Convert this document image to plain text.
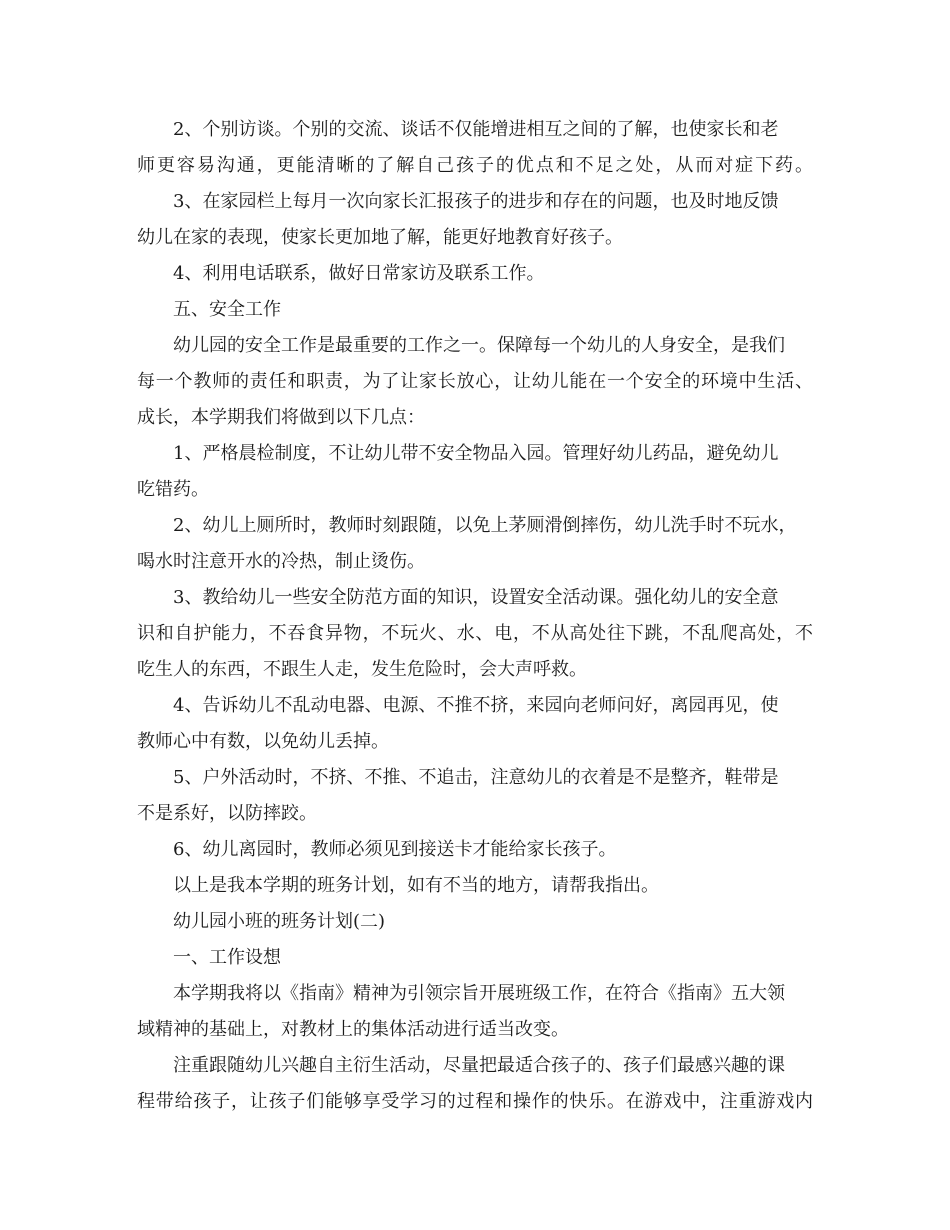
2、个别访谈。个别的交流、谈话不仅能增进相互之间的了解，也使家长和老

师更容易沟通，更能清晰的了解自己孩子的优点和不足之处，从而对症下药。

3、在家园栏上每月一次向家长汇报孩子的进步和存在的问题，也及时地反馈

幼儿在家的表现，使家长更加地了解，能更好地教育好孩子。

4、利用电话联系，做好日常家访及联系工作。

五、安全工作

幼儿园的安全工作是最重要的工作之一。保障每一个幼儿的人身安全，是我们

每一个教师的责任和职责，为了让家长放心，让幼儿能在一个安全的环境中生活、

成长，本学期我们将做到以下几点：

1、严格晨检制度，不让幼儿带不安全物品入园。管理好幼儿药品，避免幼儿

吃错药。

2、幼儿上厕所时，教师时刻跟随，以免上茅厕滑倒摔伤，幼儿洗手时不玩水，

喝水时注意开水的冷热，制止烫伤。

3、教给幼儿一些安全防范方面的知识，设置安全活动课。强化幼儿的安全意

识和自护能力，不吞食异物，不玩火、水、电，不从高处往下跳，不乱爬高处，不

吃生人的东西，不跟生人走，发生危险时，会大声呼救。

4、告诉幼儿不乱动电器、电源、不推不挤，来园向老师问好，离园再见，使

教师心中有数，以免幼儿丢掉。

5、户外活动时，不挤、不推、不追击，注意幼儿的衣着是不是整齐，鞋带是

不是系好，以防摔跤。

6、幼儿离园时，教师必须见到接送卡才能给家长孩子。

以上是我本学期的班务计划，如有不当的地方，请帮我指出。

幼儿园小班的班务计划(二)

一、工作设想

本学期我将以《指南》精神为引领宗旨开展班级工作，在符合《指南》五大领

域精神的基础上，对教材上的集体活动进行适当改变。

注重跟随幼儿兴趣自主衍生活动，尽量把最适合孩子的、孩子们最感兴趣的课

程带给孩子，让孩子们能够享受学习的过程和操作的快乐。在游戏中，注重游戏内
